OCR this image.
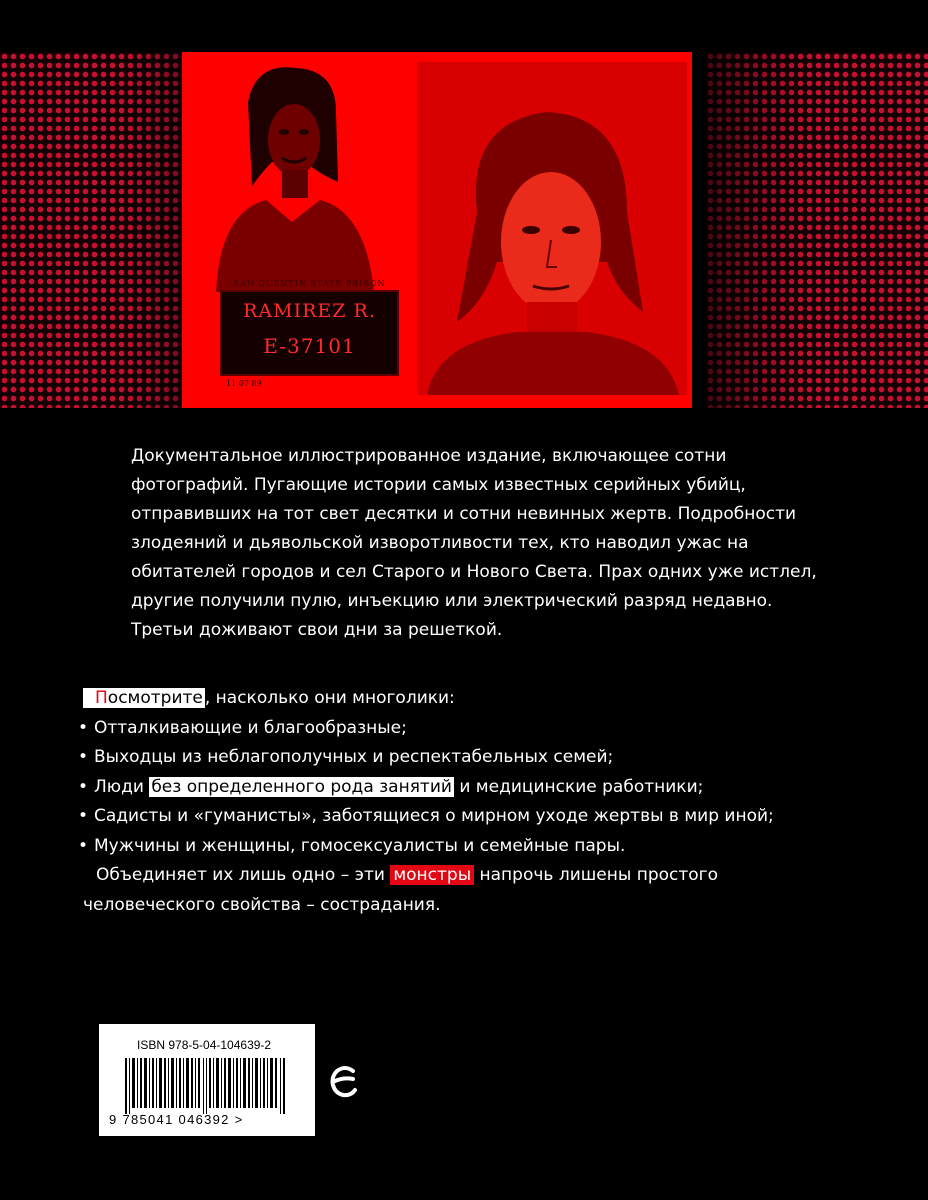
SAN QUENTIN STATE PRISON
RAMIREZ R.
E-37101
11 07 89

Документальное иллюстрированное издание, включающее сотни
фотографий. Пугающие истории самых известных серийных убийц,
отправивших на тот свет десятки и сотни невинных жертв. Подробности
злодеяний и дьявольской изворотливости тех, кто наводил ужас на
обитателей городов и сел Старого и Нового Света. Прах одних уже истлел,
другие получили пулю, инъекцию или электрический разряд недавно.
Третьи доживают свои дни за решеткой.

Посмотрите , насколько они многолики:
• Отталкивающие и благообразные;
• Выходцы из неблагополучных и респектабельных семей;
• Люди без определенного рода занятий и медицинские работники;
• Садисты и «гуманисты», заботящиеся о мирном уходе жертвы в мир иной;
• Мужчины и женщины, гомосексуалисты и семейные пары.
Объединяет их лишь одно – эти монстры напрочь лишены простого
человеческого свойства – сострадания.
ISBN 978-5-04-104639-2
9 785041 046392 >
